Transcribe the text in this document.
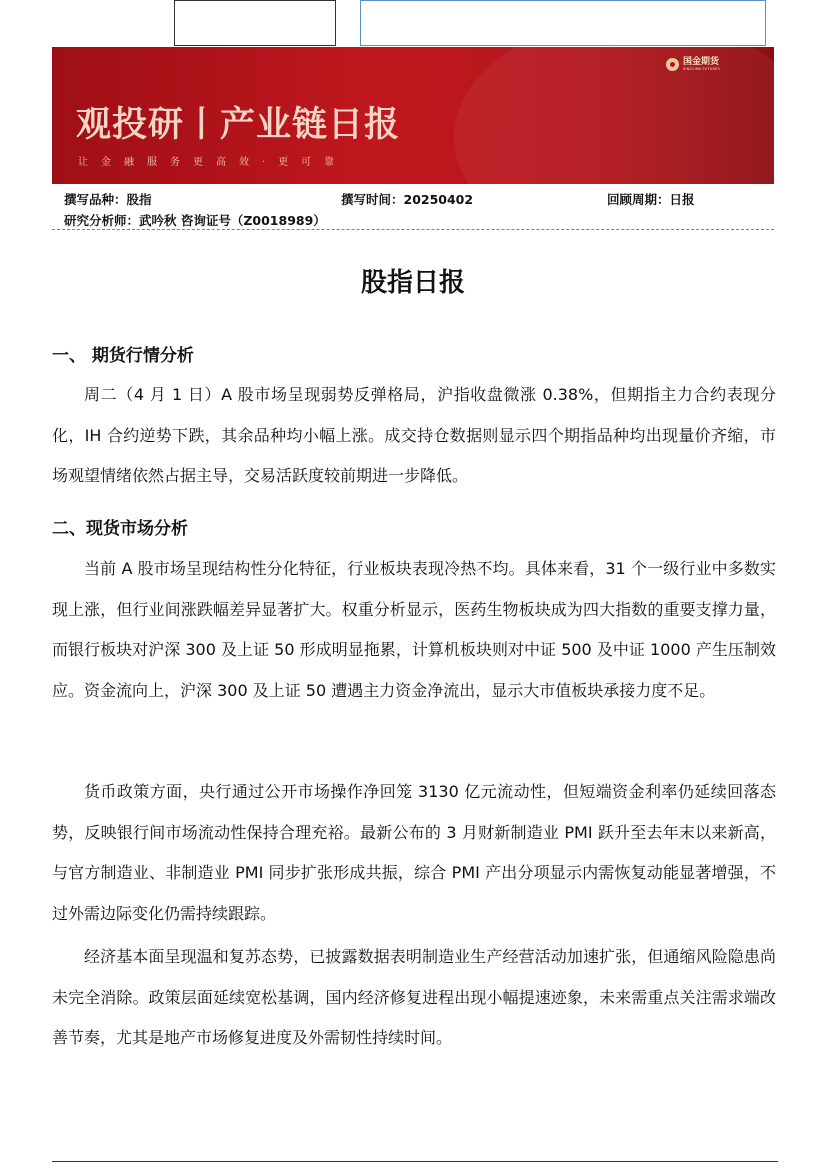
国金期货
SINOLINK FUTURES
观投研丨产业链日报
让金融服务更高效·更可靠
撰写品种：股指	撰写时间：20250402	回顾周期：日报
研究分析师：武吟秋 咨询证号（Z0018989）
股指日报
一、 期货行情分析

周二（4 月 1 日）A 股市场呈现弱势反弹格局，沪指收盘微涨 0.38%，但期指主力合约表现分化，IH 合约逆势下跌，其余品种均小幅上涨。成交持仓数据则显示四个期指品种均出现量价齐缩，市场观望情绪依然占据主导，交易活跃度较前期进一步降低。

二、现货市场分析

当前 A 股市场呈现结构性分化特征，行业板块表现冷热不均。具体来看，31 个一级行业中多数实现上涨，但行业间涨跌幅差异显著扩大。权重分析显示，医药生物板块成为四大指数的重要支撑力量，而银行板块对沪深 300 及上证 50 形成明显拖累，计算机板块则对中证 500 及中证 1000 产生压制效应。资金流向上，沪深 300 及上证 50 遭遇主力资金净流出，显示大市值板块承接力度不足。

货币政策方面，央行通过公开市场操作净回笼 3130 亿元流动性，但短端资金利率仍延续回落态势，反映银行间市场流动性保持合理充裕。最新公布的 3 月财新制造业 PMI 跃升至去年末以来新高，与官方制造业、非制造业 PMI 同步扩张形成共振，综合 PMI 产出分项显示内需恢复动能显著增强，不过外需边际变化仍需持续跟踪。

经济基本面呈现温和复苏态势，已披露数据表明制造业生产经营活动加速扩张，但通缩风险隐患尚未完全消除。政策层面延续宽松基调，国内经济修复进程出现小幅提速迹象，未来需重点关注需求端改善节奏，尤其是地产市场修复进度及外需韧性持续时间。
